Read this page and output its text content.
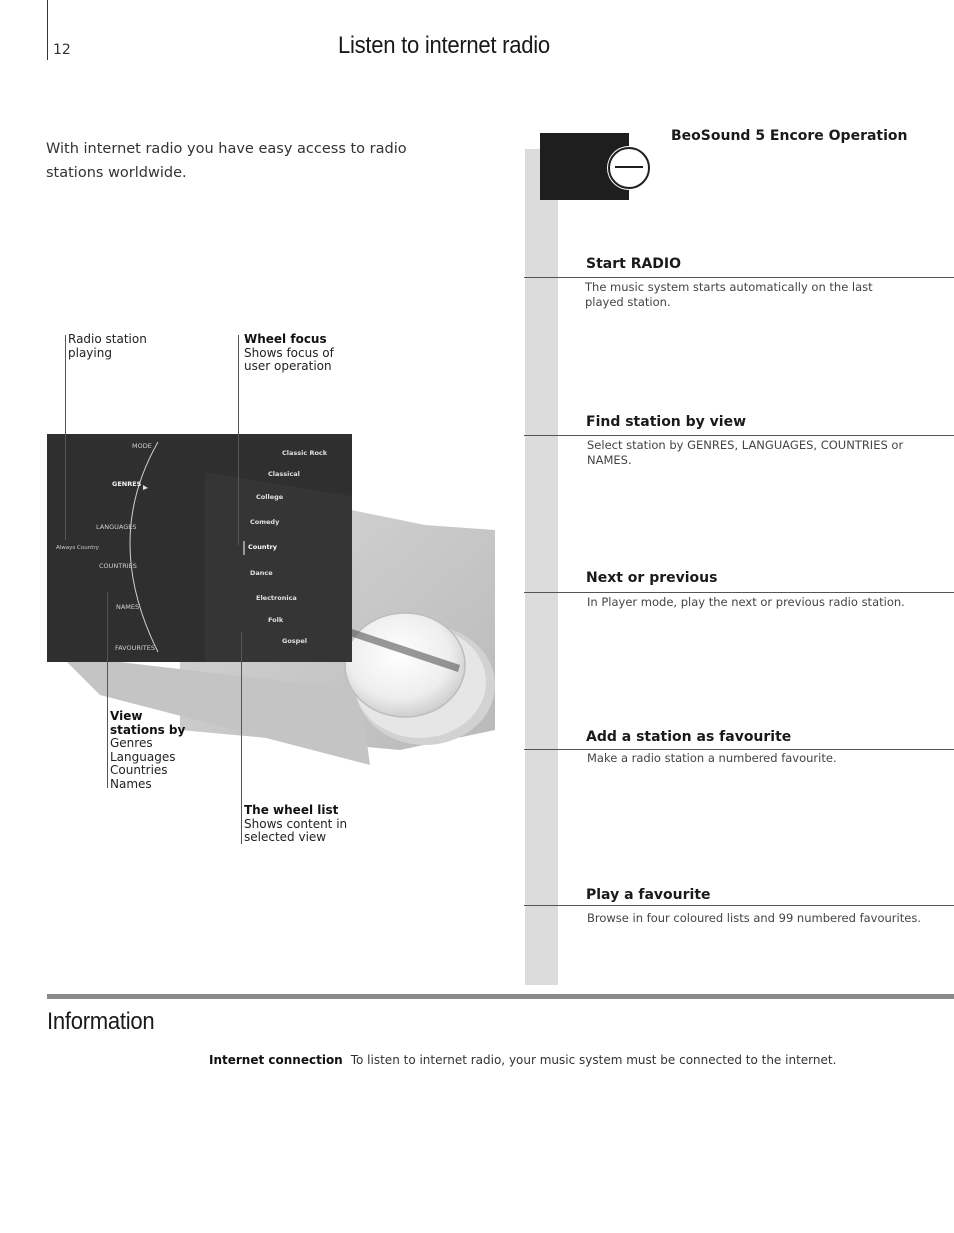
12	Listen to internet radio
With internet radio you have easy access to radio stations worldwide.
BeoSound 5 Encore Operation
Start RADIO
The music system starts automatically on the last played station.
Find station by view
Select station by GENRES, LANGUAGES, COUNTRIES or NAMES.
Next or previous
In Player mode, play the next or previous radio station.
Add a station as favourite
Make a radio station a numbered favourite.
Play a favourite
Browse in four coloured lists and 99 numbered favourites.
MODE
GENRES
LANGUAGES
Always Country
COUNTRIES
NAMES
FAVOURITES
Classic Rock
Classical
College
Comedy
Country
Dance
Electronica
Folk
Gospel
Radio station
playing
Wheel focus
Shows focus of
user operation
View
stations by
Genres
Languages
Countries
Names
The wheel list
Shows content in
selected view
Information
Internet connection To listen to internet radio, your music system must be connected to the internet.
